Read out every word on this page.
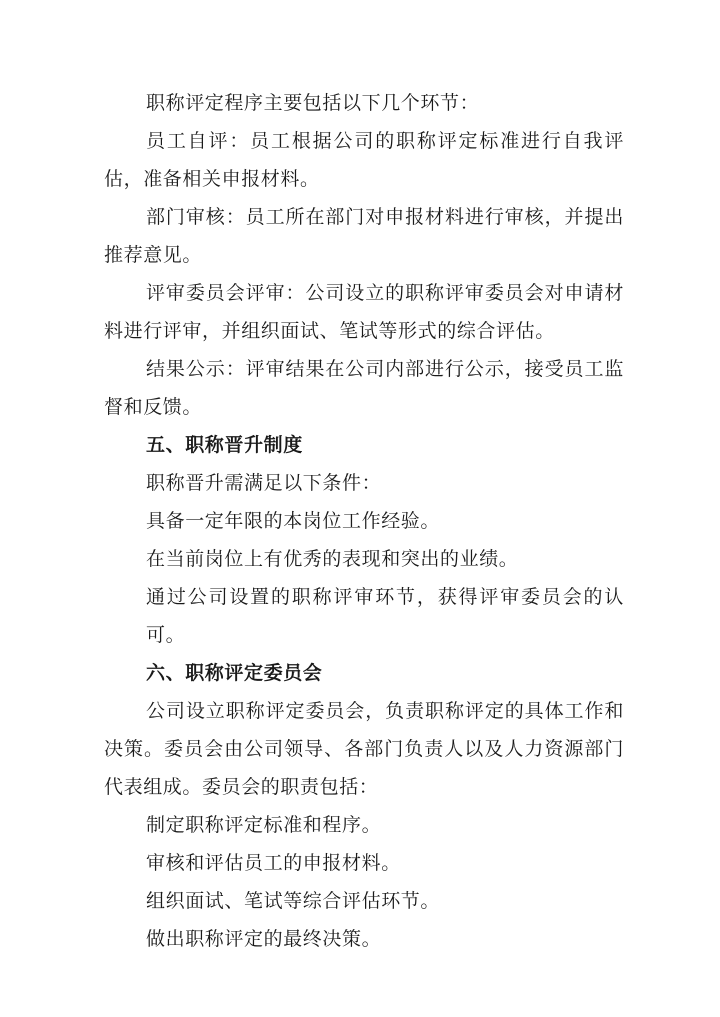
职称评定程序主要包括以下几个环节：

员工自评：员工根据公司的职称评定标准进行自我评估，准备相关申报材料。

部门审核：员工所在部门对申报材料进行审核，并提出推荐意见。

评审委员会评审：公司设立的职称评审委员会对申请材料进行评审，并组织面试、笔试等形式的综合评估。

结果公示：评审结果在公司内部进行公示，接受员工监督和反馈。

五、职称晋升制度

职称晋升需满足以下条件：

具备一定年限的本岗位工作经验。

在当前岗位上有优秀的表现和突出的业绩。

通过公司设置的职称评审环节，获得评审委员会的认可。

六、职称评定委员会

公司设立职称评定委员会，负责职称评定的具体工作和决策。委员会由公司领导、各部门负责人以及人力资源部门代表组成。委员会的职责包括：

制定职称评定标准和程序。

审核和评估员工的申报材料。

组织面试、笔试等综合评估环节。

做出职称评定的最终决策。
